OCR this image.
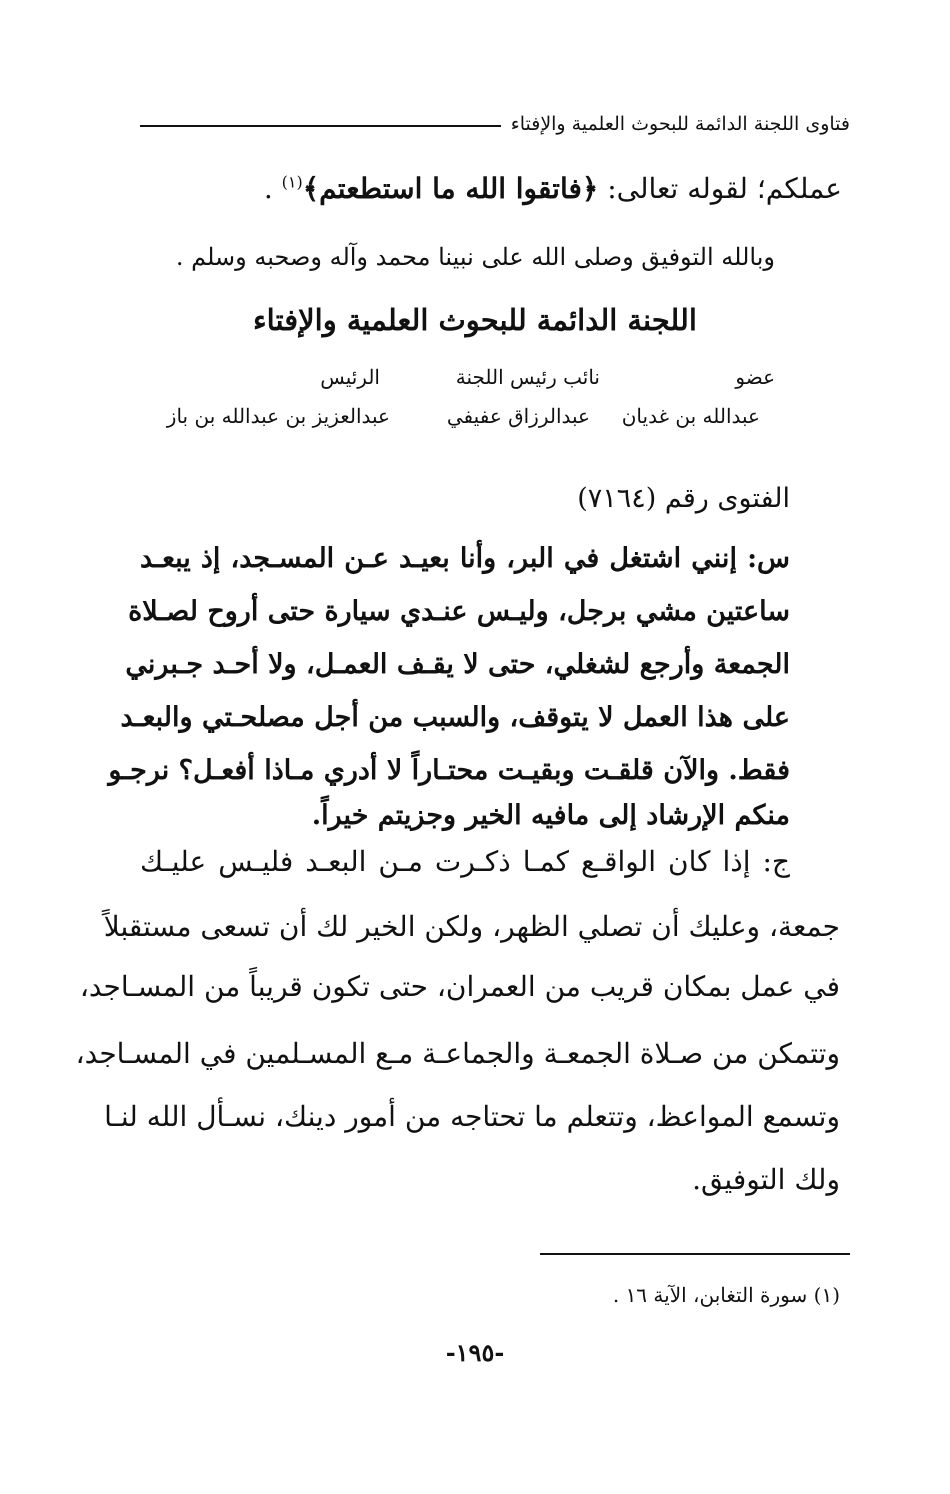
فتاوى اللجنة الدائمة للبحوث العلمية والإفتاء
عملكم؛ لقوله تعالى: ﴿فاتقوا الله ما استطعتم﴾$^{(١)}$ .
وبالله التوفيق وصلى الله على نبينا محمد وآله وصحبه وسلم .
اللجنة الدائمة للبحوث العلمية والإفتاء
عضو
نائب رئيس اللجنة
الرئيس
عبدالله بن غديان
عبدالرزاق عفيفي
عبدالعزيز بن عبدالله بن باز
الفتوى رقم (٧١٦٤)
س: إنني اشتغل في البر، وأنا بعيـد عـن المسـجد، إذ يبعـد
ساعتين مشي برجل، وليـس عنـدي سيارة حتى أروح لصـلاة
الجمعة وأرجع لشغلي، حتى لا يقـف العمـل، ولا أحـد جـبرني
على هذا العمل لا يتوقف، والسبب من أجل مصلحـتي والبعـد
فقط. والآن قلقـت وبقيـت محتـاراً لا أدري مـاذا أفعـل؟ نرجـو
منكم الإرشاد إلى مافيه الخير وجزيتم خيراً.
ج: إذا كان الواقـع كمـا ذكـرت مـن البعـد فليـس عليـك
جمعة، وعليك أن تصلي الظهر، ولكن الخير لك أن تسعى مستقبلاً
في عمل بمكان قريب من العمران، حتى تكون قريباً من المسـاجد،
وتتمكن من صـلاة الجمعـة والجماعـة مـع المسـلمين في المسـاجد،
وتسمع المواعظ، وتتعلم ما تحتاجه من أمور دينك، نسـأل الله لنـا
ولك التوفيق.
(١) سورة التغابن، الآية ١٦ .
-١٩٥-
